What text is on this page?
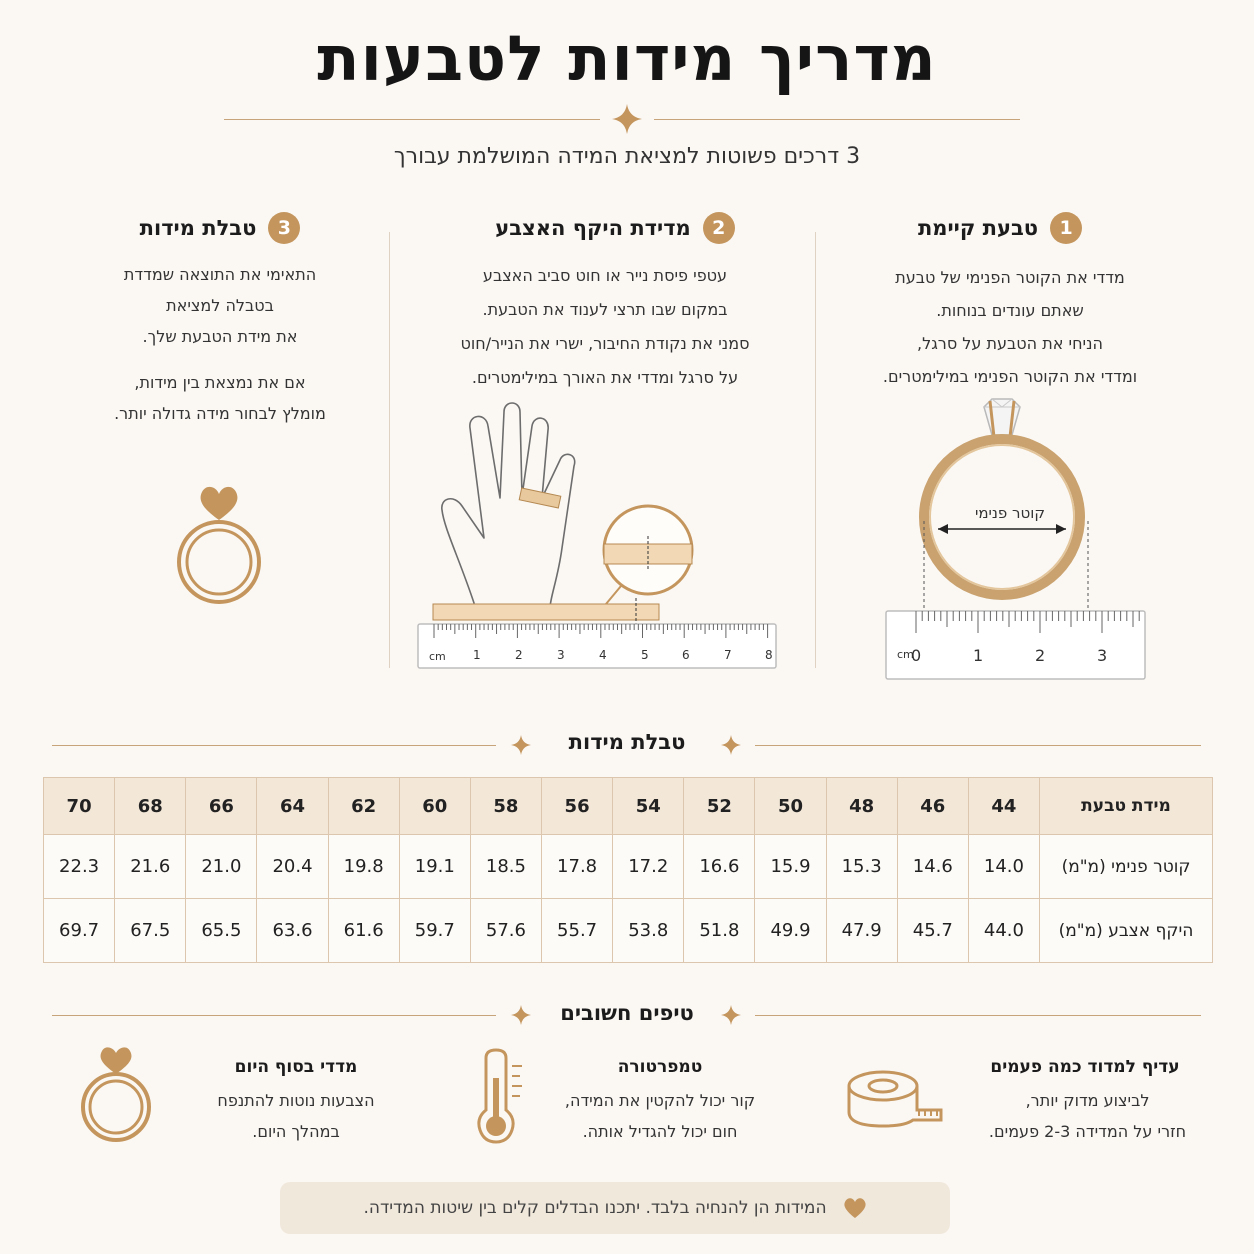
מדריך מידות לטבעות
3 דרכים פשוטות למציאת המידה המושלמת עבורך
1
טבעת קיימת
מדדי את הקוטר הפנימי של טבעת
שאתם עונדים בנוחות.
הניחי את הטבעת על סרגל,
ומדדי את הקוטר הפנימי במילימטרים.
קוטר פנימי
cm
0	1	2	3
2
מדידת היקף האצבע
עטפי פיסת נייר או חוט סביב האצבע
במקום שבו תרצי לענוד את הטבעת.
סמני את נקודת החיבור, ישרי את הנייר/חוט
על סרגל ומדדי את האורך במילימטרים.
cm 1	2	3	4	5	6	7	8
3
טבלת מידות
התאימי את התוצאה שמדדת
בטבלה למציאת
את מידת הטבעת שלך.
אם את נמצאת בין מידות,
מומלץ לבחור מידה גדולה יותר.
טבלת מידות
מידת טבעת	44	46	48	50	52	54	56	58	60	62	64	66	68	70
קוטר פנימי (מ"מ)	14.0	14.6	15.3	15.9	16.6	17.2	17.8	18.5	19.1	19.8	20.4	21.0	21.6	22.3
היקף אצבע (מ"מ)	44.0	45.7	47.9	49.9	51.8	53.8	55.7	57.6	59.7	61.6	63.6	65.5	67.5	69.7
טיפים חשובים
עדיף למדוד כמה פעמים
לביצוע מדוק יותר,
חזרי על המדידה 2-3 פעמים.
טמפרטורה
קור יכול להקטין את המידה,
חום יכול להגדיל אותה.
מדדי בסוף היום
הצבעות נוטות להתנפח
במהלך היום.
המידות הן להנחיה בלבד. יתכנו הבדלים קלים בין שיטות המדידה.
